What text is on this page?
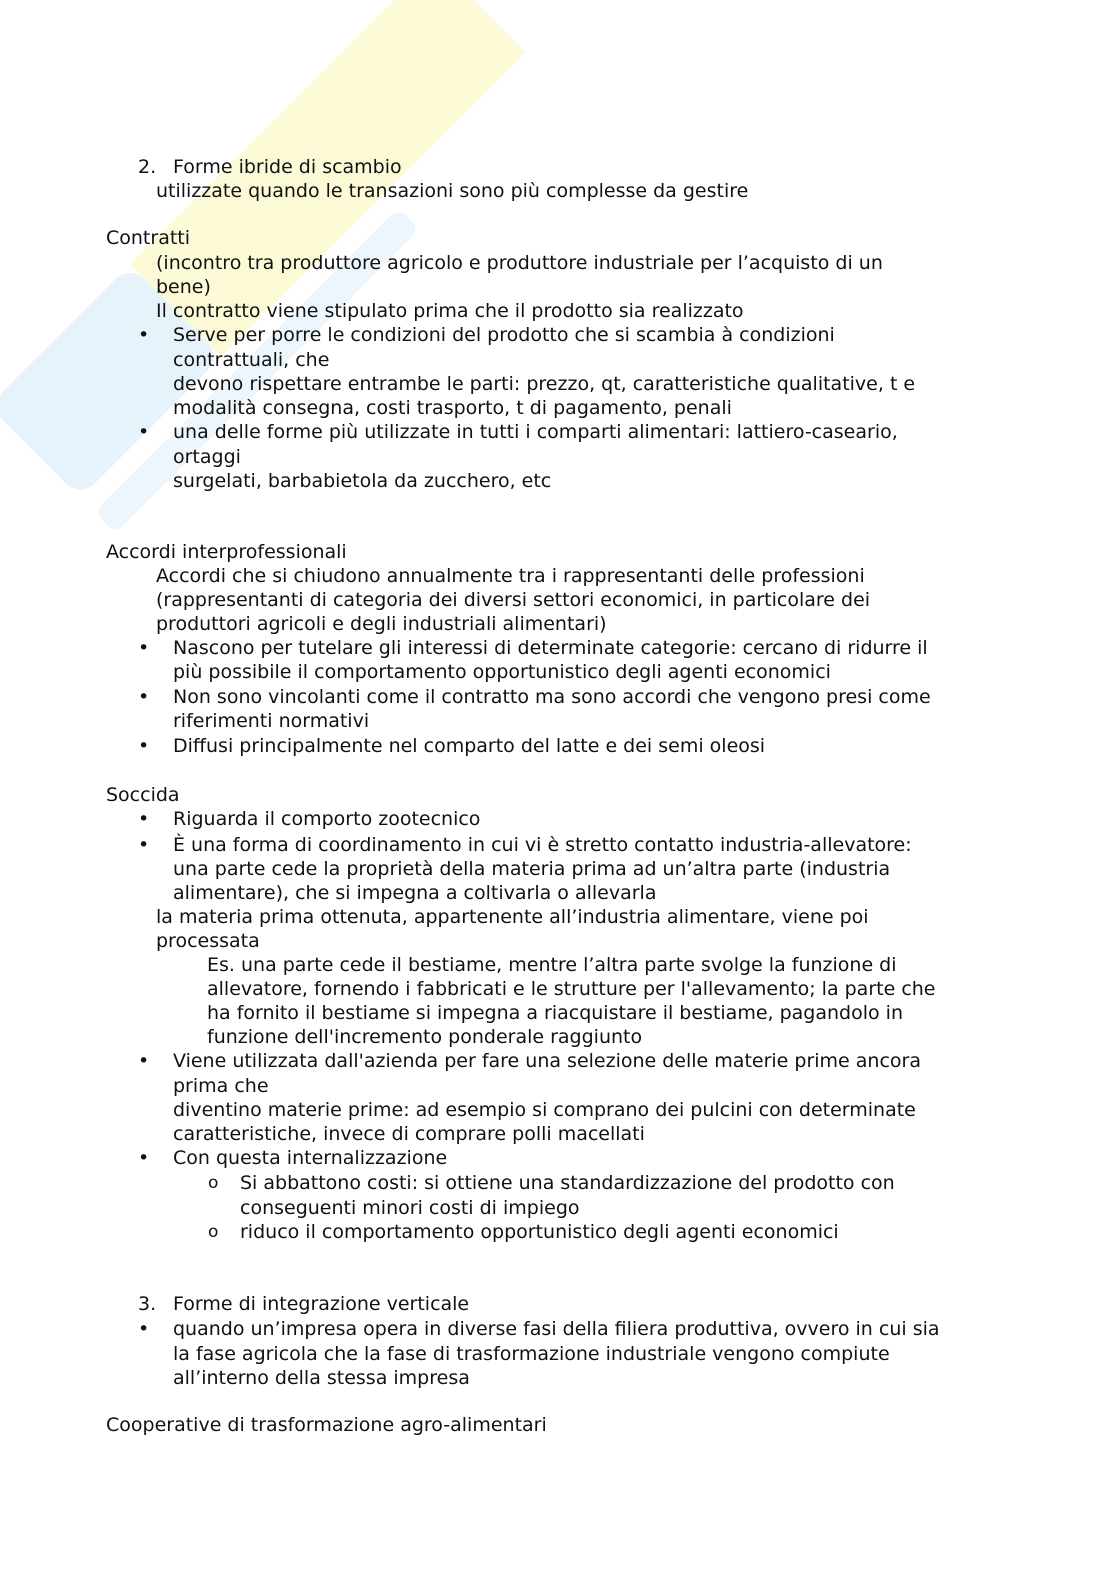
2. Forme ibride di scambio
utilizzate quando le transazioni sono più complesse da gestire
Contratti
(incontro tra produttore agricolo e produttore industriale per l’acquisto di un
bene)
Il contratto viene stipulato prima che il prodotto sia realizzato
• Serve per porre le condizioni del prodotto che si scambia à condizioni
contrattuali, che
devono rispettare entrambe le parti: prezzo, qt, caratteristiche qualitative, t e
modalità consegna, costi trasporto, t di pagamento, penali
• una delle forme più utilizzate in tutti i comparti alimentari: lattiero-caseario,
ortaggi
surgelati, barbabietola da zucchero, etc
Accordi interprofessionali
Accordi che si chiudono annualmente tra i rappresentanti delle professioni
(rappresentanti di categoria dei diversi settori economici, in particolare dei
produttori agricoli e degli industriali alimentari)
• Nascono per tutelare gli interessi di determinate categorie: cercano di ridurre il
più possibile il comportamento opportunistico degli agenti economici
• Non sono vincolanti come il contratto ma sono accordi che vengono presi come
riferimenti normativi
• Diffusi principalmente nel comparto del latte e dei semi oleosi
Soccida
• Riguarda il comporto zootecnico
• È una forma di coordinamento in cui vi è stretto contatto industria-allevatore:
una parte cede la proprietà della materia prima ad un’altra parte (industria
alimentare), che si impegna a coltivarla o allevarla
la materia prima ottenuta, appartenente all’industria alimentare, viene poi
processata
Es. una parte cede il bestiame, mentre l’altra parte svolge la funzione di
allevatore, fornendo i fabbricati e le strutture per l'allevamento; la parte che
ha fornito il bestiame si impegna a riacquistare il bestiame, pagandolo in
funzione dell'incremento ponderale raggiunto
• Viene utilizzata dall'azienda per fare una selezione delle materie prime ancora
prima che
diventino materie prime: ad esempio si comprano dei pulcini con determinate
caratteristiche, invece di comprare polli macellati
• Con questa internalizzazione
o Si abbattono costi: si ottiene una standardizzazione del prodotto con
conseguenti minori costi di impiego
o riduco il comportamento opportunistico degli agenti economici
3. Forme di integrazione verticale
• quando un’impresa opera in diverse fasi della filiera produttiva, ovvero in cui sia
la fase agricola che la fase di trasformazione industriale vengono compiute
all’interno della stessa impresa
Cooperative di trasformazione agro-alimentari
